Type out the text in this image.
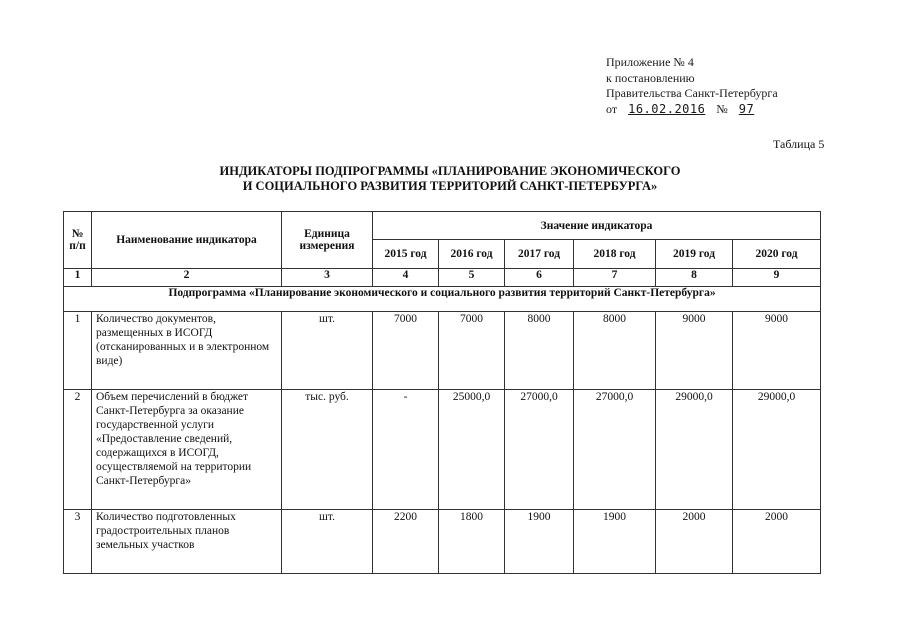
Приложение № 4
к постановлению
Правительства Санкт-Петербурга
от 16.02.2016 № 97
Таблица 5
ИНДИКАТОРЫ ПОДПРОГРАММЫ «ПЛАНИРОВАНИЕ ЭКОНОМИЧЕСКОГО
И СОЦИАЛЬНОГО РАЗВИТИЯ ТЕРРИТОРИЙ САНКТ-ПЕТЕРБУРГА»
№ п/п	Наименование индикатора	Единица измерения	Значение индикатора					
			2015 год	2016 год	2017 год	2018 год	2019 год	2020 год
1	2	3	4	5	6	7	8	9
Подпрограмма «Планирование экономического и социального развития территорий Санкт-Петербурга»								
1	Количество документов, размещенных в ИСОГД (отсканированных и в электронном виде)	шт.	7000	7000	8000	8000	9000	9000
2	Объем перечислений в бюджет Санкт-Петербурга за оказание государственной услуги «Предоставление сведений, содержащихся в ИСОГД, осуществляемой на территории Санкт-Петербурга»	тыс. руб.	-	25000,0	27000,0	27000,0	29000,0	29000,0
3	Количество подготовленных градостроительных планов земельных участков	шт.	2200	1800	1900	1900	2000	2000
